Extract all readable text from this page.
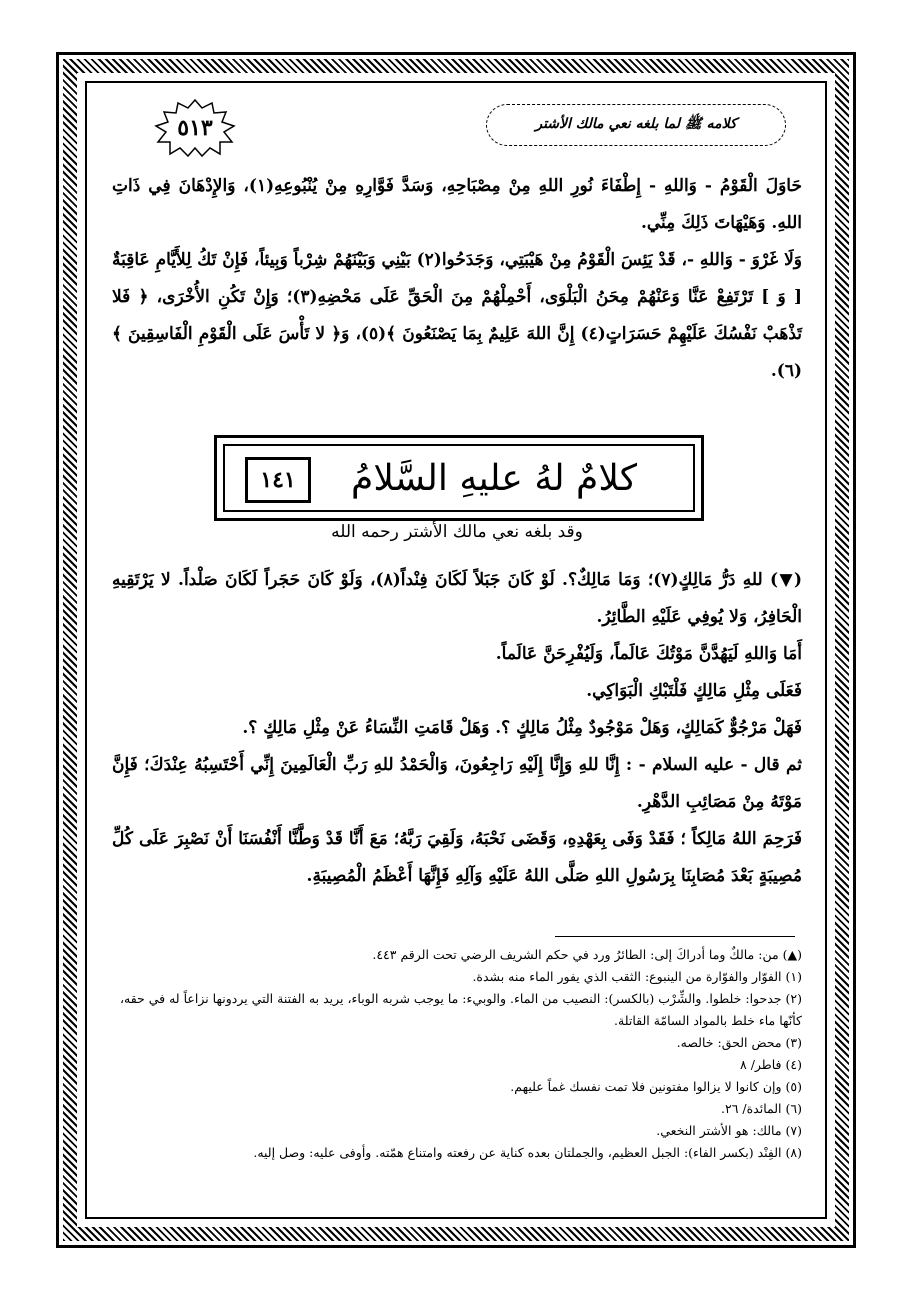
كلامه ﷺ لما بلغه نعي مالك الأشتر
٥١٣

حَاوَلَ الْقَوْمُ - وَاللهِ - إِطْفَاءَ نُورِ اللهِ مِنْ مِصْبَاحِهِ، وَسَدَّ فَوَّارِهِ مِنْ يُنْبُوعِهِ(١)، وَالإِدْهَانَ فِي ذَاتِ اللهِ. وَهَيْهَاتَ ذَلِكَ مِنِّي.

وَلَا غَرْوَ - وَاللهِ -، قَدْ يَئِسَ الْقَوْمُ مِنْ هَيْبَتِي، وَجَدَحُوا(٢) بَيْنِي وَبَيْنَهُمْ شِرْباً وَبِيئاً، فَإِنْ تَكُ لِلأَيَّامِ عَاقِبَةٌ [ وَ ] تَرْتَفِعْ عَنَّا وَعَنْهُمْ مِحَنُ الْبَلْوَى، أَحْمِلْهُمْ مِنَ الْحَقِّ عَلَى مَحْضِهِ(٣)؛ وَإِنْ تَكُنِ الأُخْرَى، ﴿ فَلا تَذْهَبْ نَفْسُكَ عَلَيْهِمْ حَسَرَاتٍ(٤) إِنَّ اللهَ عَلِيمٌ بِمَا يَصْنَعُونَ ﴾(٥)، وَ﴿ لا تَأْسَ عَلَى الْقَوْمِ الْفَاسِقِينَ ﴾(٦).

كلامٌ لهُ عليهِ السَّلامُ
١٤١
وقد بلغه نعي مالك الأشتر رحمه الله

(▼) للهِ دَرُّ مَالِكٍ(٧)؛ وَمَا مَالِكٌ؟. لَوْ كَانَ جَبَلاً لَكَانَ فِنْداً(٨)، وَلَوْ كَانَ حَجَراً لَكَانَ صَلْداً. لا يَرْتَقِيهِ الْحَافِرُ، وَلا يُوفِي عَلَيْهِ الطَّائِرُ.

أَمَا وَاللهِ لَيَهُدَّنَّ مَوْتُكَ عَالَماً، وَلَيُفْرِحَنَّ عَالَماً.

فَعَلَى مِثْلِ مَالِكٍ فَلْتَبْكِ الْبَوَاكِي.

فَهَلْ مَرْجُوٌّ كَمَالِكٍ، وَهَلْ مَوْجُودٌ مِثْلُ مَالِكٍ ؟. وَهَلْ قَامَتِ النِّسَاءُ عَنْ مِثْلِ مَالِكٍ ؟.

ثم قال - عليه السلام - : إِنَّا للهِ وَإِنَّا إِلَيْهِ رَاجِعُونَ، وَالْحَمْدُ للهِ رَبِّ الْعَالَمِينَ إِنِّي أَحْتَسِبُهُ عِنْدَكَ؛ فَإِنَّ مَوْتَهُ مِنْ مَصَائِبِ الدَّهْرِ.

فَرَحِمَ اللهُ مَالِكاً ؛ فَقَدْ وَفَى بِعَهْدِهِ، وَقَضَى نَحْبَهُ، وَلَقِيَ رَبَّهُ؛ مَعَ أَنَّا قَدْ وَطَّنَّا أَنْفُسَنَا أَنْ نَصْبِرَ عَلَى كُلِّ مُصِيبَةٍ بَعْدَ مُصَابِنَا بِرَسُولِ اللهِ صَلَّى اللهُ عَلَيْهِ وَآلِهِ فَإِنَّهَا أَعْظَمُ الْمُصِيبَةِ.

(▲) من: مالكٌ وما أدراكَ إلى: الطائرُ ورد في حكم الشريف الرضي تحت الرقم ٤٤٣.

(١) الفوّار والفوّارة من الينبوع: الثقب الذي يفور الماء منه بشدة.

(٢) جدحوا: خلطوا. والشِّرْب (بالكسر): النصيب من الماء. والوبيء: ما يوجب شربه الوباء، يريد به الفتنة التي يردونها نزاعاً له في حقه، كأنّها ماء خلط بالمواد السامّة القاتلة.

(٣) محض الحق: خالصه.

(٤) فاطر/ ٨

(٥) وإن كانوا لا يزالوا مفتونين فلا تمت نفسك غماً عليهم.

(٦) المائدة/ ٢٦.

(٧) مالك: هو الأشتر النخعي.

(٨) الفِنْد (بكسر الفاء): الجبل العظيم، والجملتان بعده كناية عن رفعته وامتناع همّته. وأوفى عليه: وصل إليه.
